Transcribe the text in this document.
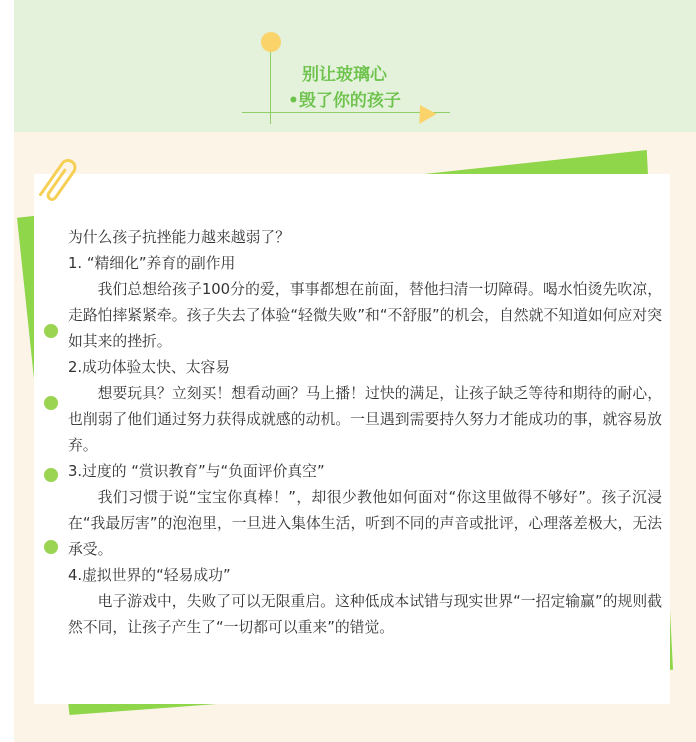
别让玻璃心
•毁了你的孩子

为什么孩子抗挫能力越来越弱了？

1. “精细化”养育的副作用

我们总想给孩子100分的爱，事事都想在前面，替他扫清一切障碍。喝水怕烫先吹凉，走路怕摔紧紧牵。孩子失去了体验“轻微失败”和“不舒服”的机会，自然就不知道如何应对突如其来的挫折。

2.成功体验太快、太容易

想要玩具？立刻买！想看动画？马上播！过快的满足，让孩子缺乏等待和期待的耐心，也削弱了他们通过努力获得成就感的动机。一旦遇到需要持久努力才能成功的事，就容易放弃。

3.过度的 “赏识教育”与“负面评价真空”

我们习惯于说“宝宝你真棒！”，却很少教他如何面对“你这里做得不够好”。孩子沉浸在“我最厉害”的泡泡里，一旦进入集体生活，听到不同的声音或批评，心理落差极大，无法承受。

4.虚拟世界的“轻易成功”

电子游戏中，失败了可以无限重启。这种低成本试错与现实世界“一招定输赢”的规则截然不同，让孩子产生了“一切都可以重来”的错觉。
